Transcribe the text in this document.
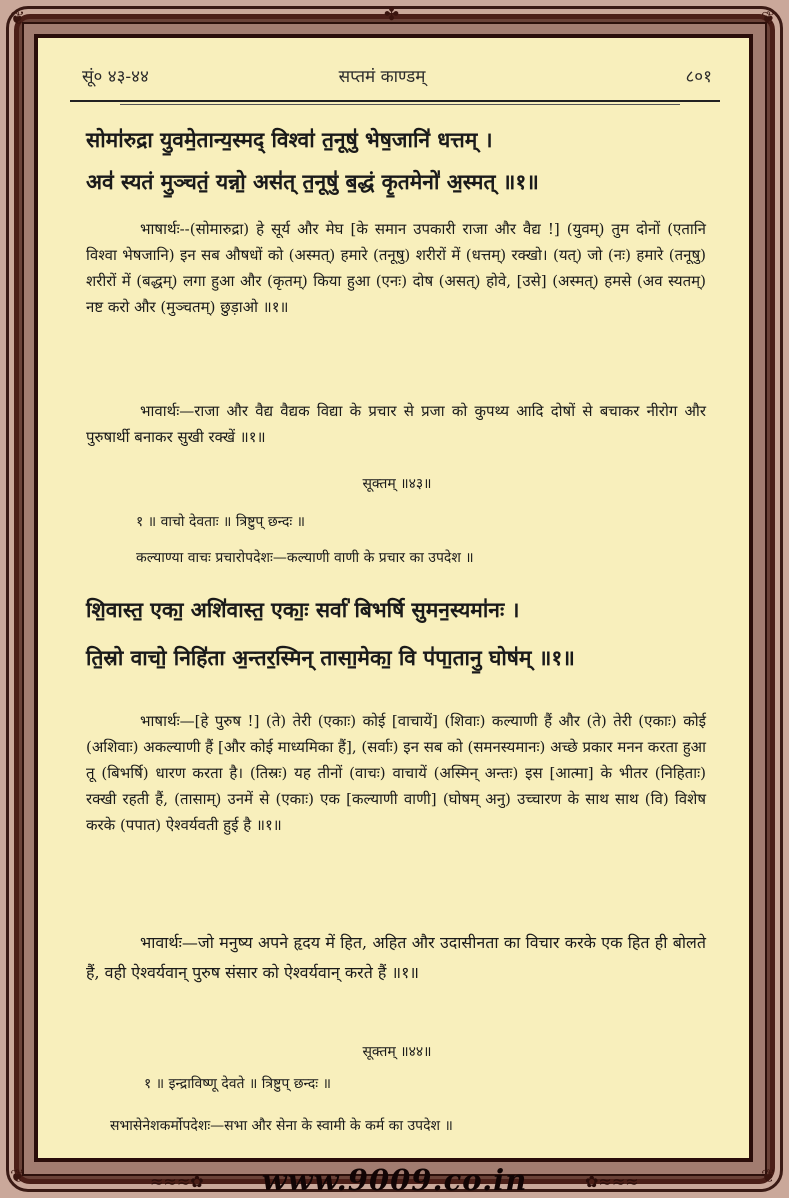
❦	❦
❦	❦
✤
सूं० ४३-४४	सप्तमं काण्डम्	८०१
सोमा॑रुद्रा यु॒वमे॒तान्य॒स्मद् विश्वा॑ त॒नूषु॑ भेष॒जानि॑ धत्तम् ।
अव॑ स्यतं मु॒ञ्चतं॒ यन्नो॒ अस॑त् त॒नूषु॑ ब॒द्धं कृ॒तमेनो॑ अ॒स्मत् ॥१॥
भाषार्थः--(सोमारुद्रा) हे सूर्य और मेघ [के समान उपकारी राजा और वैद्य !] (युवम्) तुम दोनों (एतानि विश्वा भेषजानि) इन सब औषधों को (अस्मत्) हमारे (तनूषु) शरीरों में (धत्तम्) रक्खो। (यत्) जो (नः) हमारे (तनूषु) शरीरों में (बद्धम्) लगा हुआ और (कृतम्) किया हुआ (एनः) दोष (असत्) होवे, [उसे] (अस्मत्) हमसे (अव स्यतम्) नष्ट करो और (मुञ्चतम्) छुड़ाओ ॥१॥
भावार्थः—राजा और वैद्य वैद्यक विद्या के प्रचार से प्रजा को कुपथ्य आदि दोषों से बचाकर नीरोग और पुरुषार्थी बनाकर सुखी रक्खें ॥१॥
सूक्तम् ॥४३॥
१ ॥ वाचो देवताः ॥ त्रिष्टुप् छन्दः ॥
कल्याण्या वाचः प्रचारोपदेशः—कल्याणी वाणी के प्रचार का उपदेश ॥
शि॒वास्त॒ एका॒ अशि॑वास्त॒ एकाः॒ सर्वा॑ बिभर्षि सुमन॒स्यमा॑नः ।
ति॒स्रो वाचो॒ निहि॑ता अ॒न्तर॒स्मिन् तासा॒मेका॒ वि प॑पा॒तानु॒ घोष॑म् ॥१॥
भाषार्थः—[हे पुरुष !] (ते) तेरी (एकाः) कोई [वाचायें] (शिवाः) कल्याणी हैं और (ते) तेरी (एकाः) कोई (अशिवाः) अकल्याणी हैं [और कोई माध्यमिका हैं], (सर्वाः) इन सब को (समनस्यमानः) अच्छे प्रकार मनन करता हुआ तू (बिभर्षि) धारण करता है। (तिस्रः) यह तीनों (वाचः) वाचायें (अस्मिन् अन्तः) इस [आत्मा] के भीतर (निहिताः) रक्खी रहती हैं, (तासाम्) उनमें से (एकाः) एक [कल्याणी वाणी] (घोषम् अनु) उच्चारण के साथ साथ (वि) विशेष करके (पपात) ऐश्वर्यवती हुई है ॥१॥
भावार्थः—जो मनुष्य अपने हृदय में हित, अहित और उदासीनता का विचार करके एक हित ही बोलते हैं, वही ऐश्वर्यवान् पुरुष संसार को ऐश्वर्यवान् करते हैं ॥१॥
सूक्तम् ॥४४॥
१ ॥ इन्द्राविष्णू देवते ॥ त्रिष्टुप् छन्दः ॥
सभासेनेशकर्मोपदेशः—सभा और सेना के स्वामी के कर्म का उपदेश ॥
≈≈≈✿	www.9009.co.in	✿≈≈≈
